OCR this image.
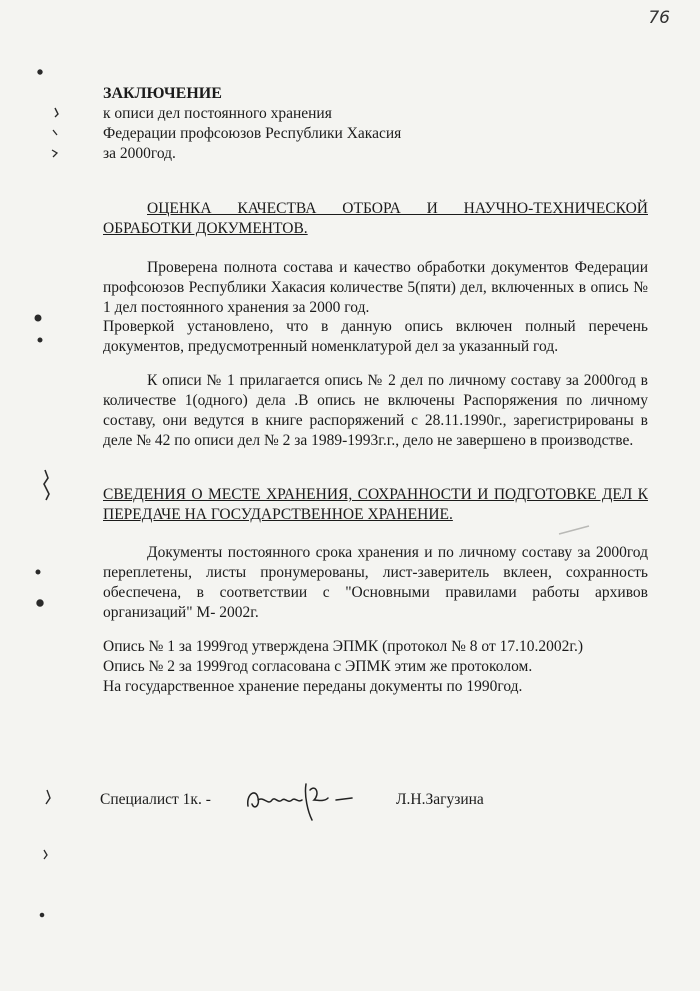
76
ЗАКЛЮЧЕНИЕ
к описи дел постоянного хранения
Федерации профсоюзов Республики Хакасия
за 2000год.
ОЦЕНКА КАЧЕСТВА ОТБОРА И НАУЧНО-ТЕХНИЧЕСКОЙ ОБРАБОТКИ ДОКУМЕНТОВ.

Проверена полнота состава и качество обработки документов Федерации профсоюзов Республики Хакасия количестве 5(пяти) дел, включенных в опись № 1 дел постоянного хранения за 2000 год.

Проверкой установлено, что в данную опись включен полный перечень документов, предусмотренный номенклатурой дел за указанный год.

К описи № 1 прилагается опись № 2 дел по личному составу за 2000год в количестве 1(одного) дела .В опись не включены Распоряжения по личному составу, они ведутся в книге распоряжений с 28.11.1990г., зарегистрированы в деле № 42 по описи дел № 2 за 1989-1993г.г., дело не завершено в производстве.

СВЕДЕНИЯ О МЕСТЕ ХРАНЕНИЯ, СОХРАННОСТИ И ПОДГОТОВКЕ ДЕЛ К ПЕРЕДАЧЕ НА ГОСУДАРСТВЕННОЕ ХРАНЕНИЕ.

Документы постоянного срока хранения и по личному составу за 2000год переплетены, листы пронумерованы, лист-заверитель вклеен, сохранность обеспечена, в соответствии с "Основными правилами работы архивов организаций" М- 2002г.

Опись № 1 за 1999год утверждена ЭПМК (протокол № 8 от 17.10.2002г.)
Опись № 2 за 1999год согласована с ЭПМК этим же протоколом.
На государственное хранение переданы документы по 1990год.
Специалист 1к. -	Л.Н.Загузина
